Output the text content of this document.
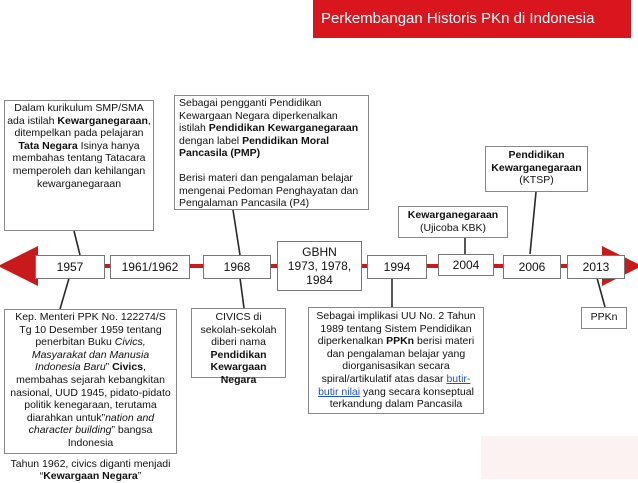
Perkembangan Historis PKn di Indonesia
1957	1961/1962	1968
GBHN
1973, 1978,
1984
1994	2004	2006	2013
Dalam kurikulum SMP/SMA ada istilah Kewarganegaraan, ditempelkan pada pelajaran Tata Negara Isinya hanya membahas tentang Tatacara memperoleh dan kehilangan kewarganegaraan

Sebagai pengganti Pendidikan Kewargaan Negara diperkenalkan istilah Pendidikan Kewarganegaraan dengan label Pendidikan Moral Pancasila (PMP)

Berisi materi dan pengalaman belajar mengenai Pedoman Penghayatan dan Pengalaman Pancasila (P4)

Kewarganegaraan

(Ujicoba KBK)

Pendidikan Kewarganegaraan

(KTSP)

Kep. Menteri PPK No. 122274/S Tg 10 Desember 1959 tentang penerbitan Buku Civics, Masyarakat dan Manusia Indonesia Baru” Civics, membahas sejarah kebangkitan nasional, UUD 1945, pidato-pidato politik kenegaraan, terutama diarahkan untuk”nation and character building” bangsa Indonesia

Tahun 1962, civics diganti menjadi “Kewargaan Negara”

CIVICS di sekolah-sekolah diberi nama Pendidikan Kewargaan Negara
Sebagai implikasi UU No. 2 Tahun 1989 tentang Sistem Pendidikan diperkenalkan PPKn berisi materi dan pengalaman belajar yang diorganisasikan secara spiral/artikulatif atas dasar butir-butir nilai yang secara konseptual terkandung dalam Pancasila
PPKn
